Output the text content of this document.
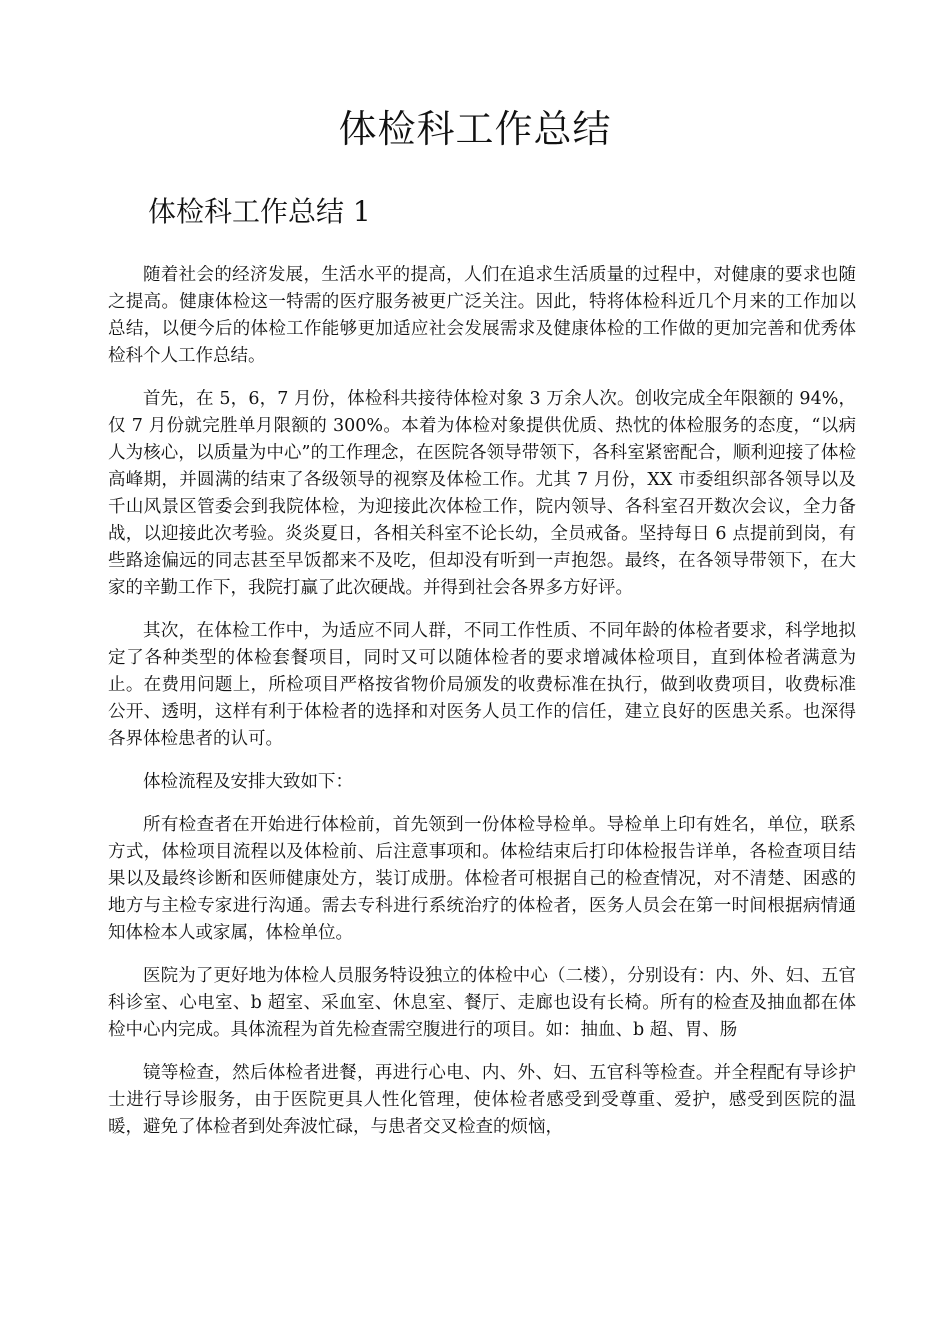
体检科工作总结
体检科工作总结 1

随着社会的经济发展，生活水平的提高，人们在追求生活质量的过程中，对健康的要求也随之提高。健康体检这一特需的医疗服务被更广泛关注。因此，特将体检科近几个月来的工作加以总结，以便今后的体检工作能够更加适应社会发展需求及健康体检的工作做的更加完善和优秀体检科个人工作总结。

首先，在 5，6，7 月份，体检科共接待体检对象 3 万余人次。创收完成全年限额的 94%，仅 7 月份就完胜单月限额的 300%。本着为体检对象提供优质、热忱的体检服务的态度，“以病人为核心，以质量为中心”的工作理念，在医院各领导带领下，各科室紧密配合，顺利迎接了体检高峰期，并圆满的结束了各级领导的视察及体检工作。尤其 7 月份，XX 市委组织部各领导以及千山风景区管委会到我院体检，为迎接此次体检工作，院内领导、各科室召开数次会议，全力备战，以迎接此次考验。炎炎夏日，各相关科室不论长幼，全员戒备。坚持每日 6 点提前到岗，有些路途偏远的同志甚至早饭都来不及吃，但却没有听到一声抱怨。最终，在各领导带领下，在大家的辛勤工作下，我院打赢了此次硬战。并得到社会各界多方好评。

其次，在体检工作中，为适应不同人群，不同工作性质、不同年龄的体检者要求，科学地拟定了各种类型的体检套餐项目，同时又可以随体检者的要求增减体检项目，直到体检者满意为止。在费用问题上，所检项目严格按省物价局颁发的收费标准在执行，做到收费项目，收费标准公开、透明，这样有利于体检者的选择和对医务人员工作的信任，建立良好的医患关系。也深得各界体检患者的认可。

体检流程及安排大致如下：

所有检查者在开始进行体检前，首先领到一份体检导检单。导检单上印有姓名，单位，联系方式，体检项目流程以及体检前、后注意事项和。体检结束后打印体检报告详单，各检查项目结果以及最终诊断和医师健康处方，装订成册。体检者可根据自己的检查情况，对不清楚、困惑的地方与主检专家进行沟通。需去专科进行系统治疗的体检者，医务人员会在第一时间根据病情通知体检本人或家属，体检单位。

医院为了更好地为体检人员服务特设独立的体检中心（二楼），分别设有：内、外、妇、五官科诊室、心电室、b 超室、采血室、休息室、餐厅、走廊也设有长椅。所有的检查及抽血都在体检中心内完成。具体流程为首先检查需空腹进行的项目。如：抽血、b 超、胃、肠

镜等检查，然后体检者进餐，再进行心电、内、外、妇、五官科等检查。并全程配有导诊护士进行导诊服务，由于医院更具人性化管理，使体检者感受到受尊重、爱护，感受到医院的温暖，避免了体检者到处奔波忙碌，与患者交叉检查的烦恼，
